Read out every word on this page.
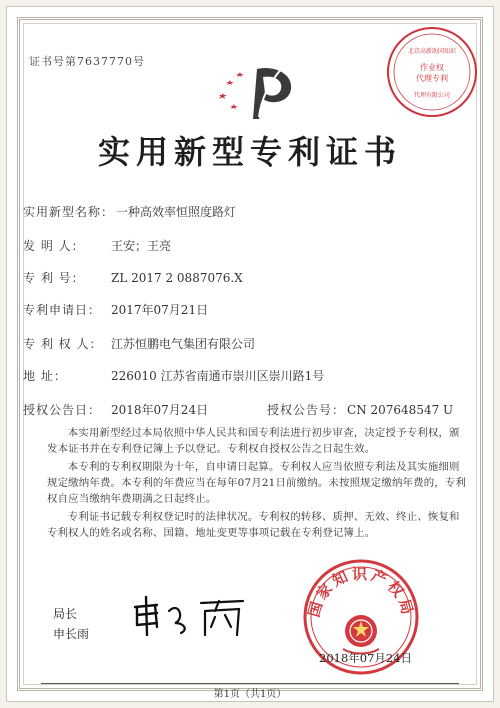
证书号第7637770号	作业权
代理专利
北京高新助国知识
代理有限公司
实用新型专利证书
实用新型名称： 一种高效率恒照度路灯
发 明 人： 王安；王亮
专 利 号： ZL 2017 2 0887076.X
专利申请日： 2017年07月21日
专 利 权 人： 江苏恒鹏电气集团有限公司
地 址：	226010 江苏省南通市崇川区崇川路1号
授权公告日： 2018年07月24日	授权公告号： CN 207648547 U
本实用新型经过本局依照中华人民共和国专利法进行初步审查，决定授予专利权，颁发本证书并在专利登记簿上予以登记。专利权自授权公告之日起生效。
本专利的专利权期限为十年，自申请日起算。专利权人应当依照专利法及其实施细则规定缴纳年费。本专利的年费应当在每年07月21日前缴纳。未按照规定缴纳年费的，专利权自应当缴纳年费期满之日起终止。
专利证书记载专利权登记时的法律状况。专利权的转移、质押、无效、终止、恢复和专利权人的姓名或名称、国籍、地址变更等事项记载在专利登记簿上。
局长
申长雨
国家知识产权局
2018年07月24日
第1页（共1页）
